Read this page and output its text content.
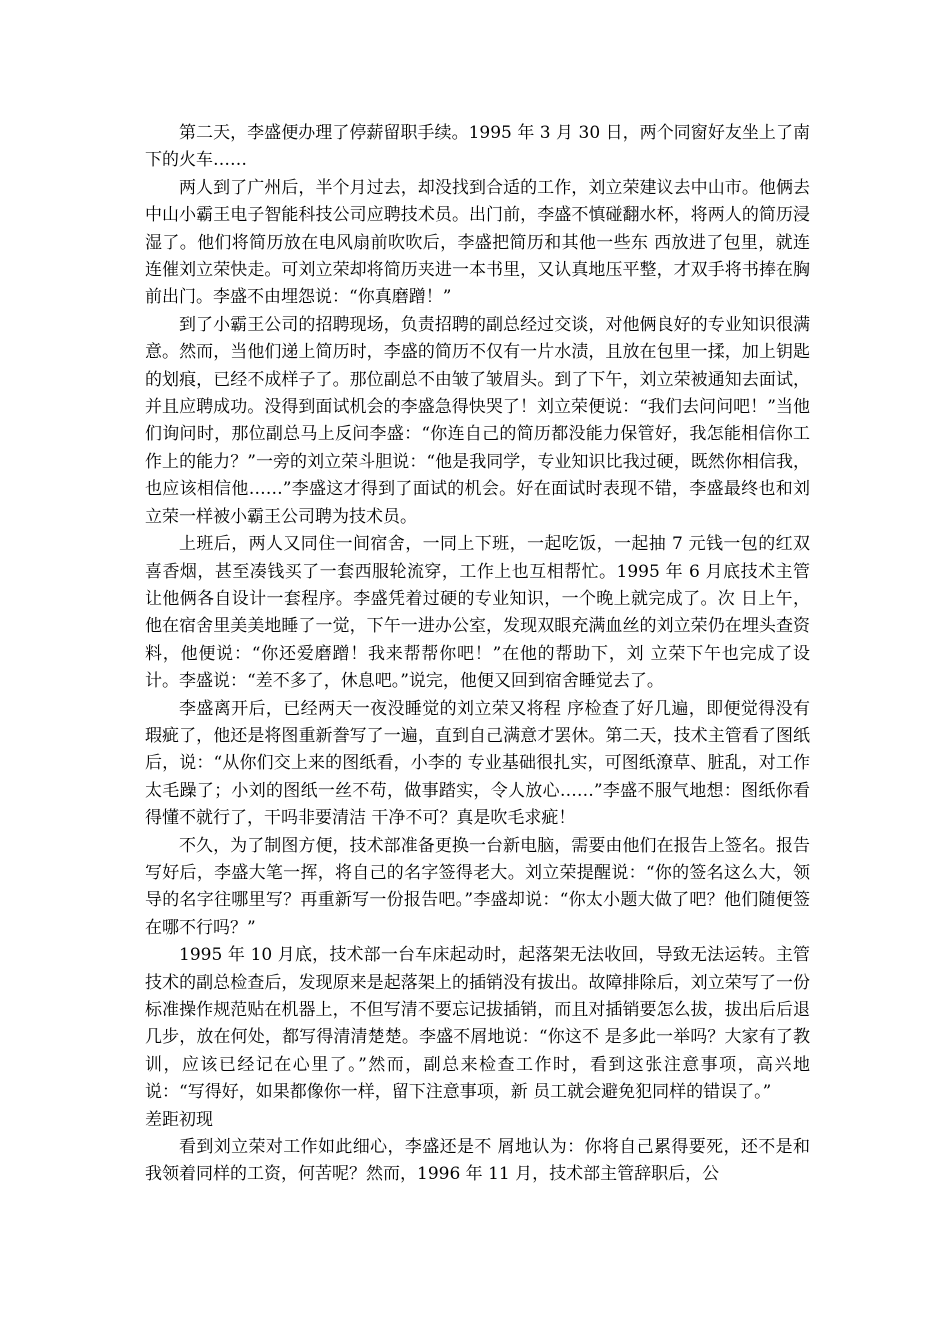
第二天，李盛便办理了停薪留职手续。1995 年 3 月 30 日，两个同窗好友坐上了南下的火车……

两人到了广州后，半个月过去，却没找到合适的工作，刘立荣建议去中山市。他俩去中山小霸王电子智能科技公司应聘技术员。出门前，李盛不慎碰翻水杯，将两人的简历浸湿了。他们将简历放在电风扇前吹吹后，李盛把简历和其他一些东 西放进了包里，就连连催刘立荣快走。可刘立荣却将简历夹进一本书里，又认真地压平整，才双手将书捧在胸前出门。李盛不由埋怨说：“你真磨蹭！”

到了小霸王公司的招聘现场，负责招聘的副总经过交谈，对他俩良好的专业知识很满意。然而，当他们递上简历时，李盛的简历不仅有一片水渍，且放在包里一揉，加上钥匙的划痕，已经不成样子了。那位副总不由皱了皱眉头。到了下午，刘立荣被通知去面试，并且应聘成功。没得到面试机会的李盛急得快哭了！刘立荣便说：“我们去问问吧！”当他们询问时，那位副总马上反问李盛：“你连自己的简历都没能力保管好，我怎能相信你工 作上的能力？”一旁的刘立荣斗胆说：“他是我同学，专业知识比我过硬，既然你相信我，也应该相信他……”李盛这才得到了面试的机会。好在面试时表现不错，李盛最终也和刘立荣一样被小霸王公司聘为技术员。

上班后，两人又同住一间宿舍，一同上下班，一起吃饭，一起抽 7 元钱一包的红双喜香烟，甚至凑钱买了一套西服轮流穿，工作上也互相帮忙。1995 年 6 月底技术主管让他俩各自设计一套程序。李盛凭着过硬的专业知识，一个晚上就完成了。次 日上午，他在宿舍里美美地睡了一觉，下午一进办公室，发现双眼充满血丝的刘立荣仍在埋头查资料，他便说：“你还爱磨蹭！我来帮帮你吧！”在他的帮助下，刘 立荣下午也完成了设计。李盛说：“差不多了，休息吧。”说完，他便又回到宿舍睡觉去了。

李盛离开后，已经两天一夜没睡觉的刘立荣又将程 序检查了好几遍，即便觉得没有瑕疵了，他还是将图重新誊写了一遍，直到自己满意才罢休。第二天，技术主管看了图纸后，说：“从你们交上来的图纸看，小李的 专业基础很扎实，可图纸潦草、脏乱，对工作太毛躁了；小刘的图纸一丝不苟，做事踏实，令人放心……”李盛不服气地想：图纸你看得懂不就行了，干吗非要清洁 干净不可？真是吹毛求疵！

不久，为了制图方便，技术部准备更换一台新电脑，需要由他们在报告上签名。报告写好后，李盛大笔一挥，将自己的名字签得老大。刘立荣提醒说：“你的签名这么大，领导的名字往哪里写？再重新写一份报告吧。”李盛却说：“你太小题大做了吧？他们随便签在哪不行吗？”

1995 年 10 月底，技术部一台车床起动时，起落架无法收回，导致无法运转。主管技术的副总检查后，发现原来是起落架上的插销没有拔出。故障排除后，刘立荣写了一份标准操作规范贴在机器上，不但写清不要忘记拔插销，而且对插销要怎么拔，拔出后后退几步，放在何处，都写得清清楚楚。李盛不屑地说：“你这不 是多此一举吗？大家有了教训，应该已经记在心里了。”然而，副总来检查工作时，看到这张注意事项，高兴地说：“写得好，如果都像你一样，留下注意事项，新 员工就会避免犯同样的错误了。”

差距初现

看到刘立荣对工作如此细心，李盛还是不 屑地认为：你将自己累得要死，还不是和我领着同样的工资，何苦呢？然而，1996 年 11 月，技术部主管辞职后，公
